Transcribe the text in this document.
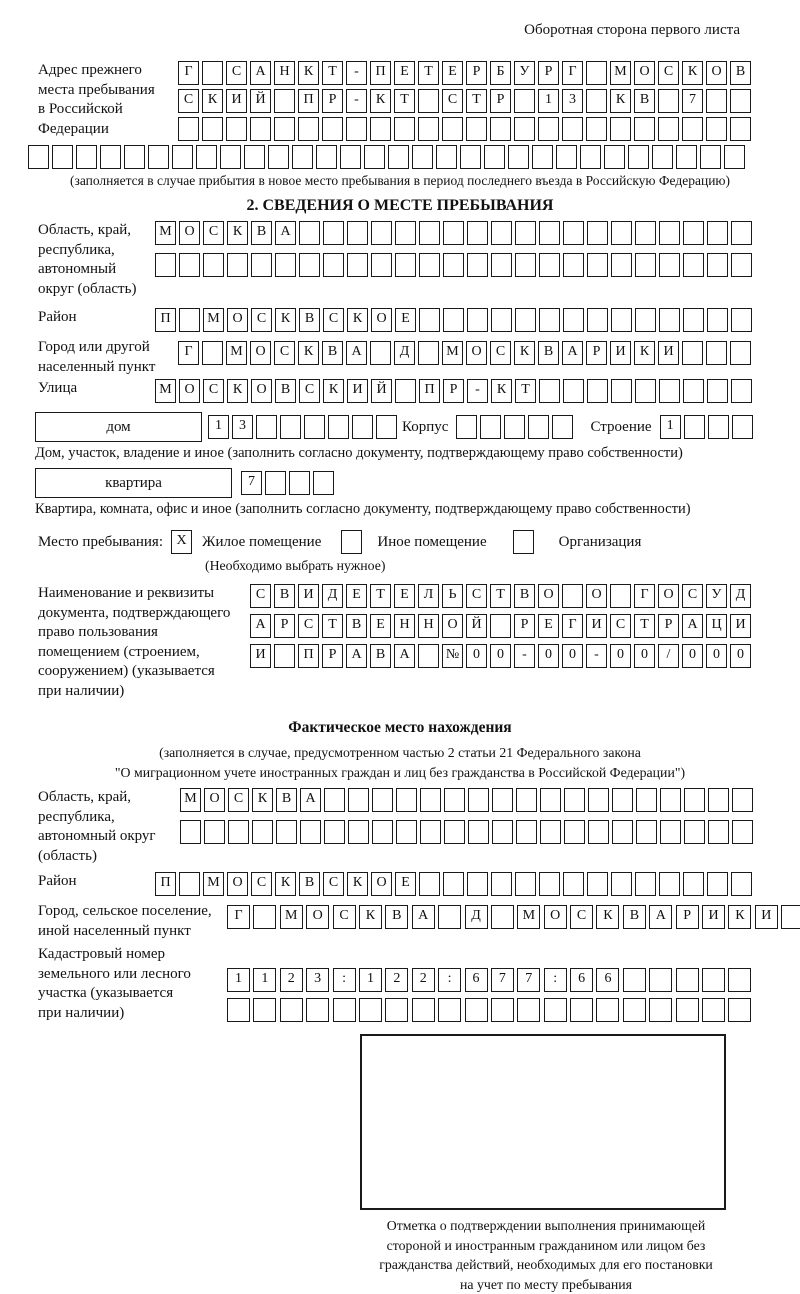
Оборотная сторона первого листа
Адрес прежнего
места пребывания
в Российской
Федерации
Г	С А Н К Т - П Е Т Е Р Б У Р Г	М О С К О В
С К И Й	П Р - К Т	С Т Р	1 3	К В	7
(заполняется в случае прибытия в новое место пребывания в период последнего въезда в Российскую Федерацию)
2. СВЕДЕНИЯ О МЕСТЕ ПРЕБЫВАНИЯ
Область, край,
республика,
автономный
округ (область)
М О С К В А
Район	П	М О С К В С К О Е
Город или другой
населенный пункт
Г	М О С К В А	Д	М О С К В А Р И К И
Улица	М О С К О В С К И Й	П Р - К Т
дом	1 3	Корпус	Строение	1
Дом, участок, владение и иное (заполнить согласно документу, подтверждающему право собственности)
квартира	7
Квартира, комната, офис и иное (заполнить согласно документу, подтверждающему право собственности)
Место пребывания: X	Жилое помещение	Иное помещение	Организация
(Необходимо выбрать нужное)
Наименование и реквизиты
документа, подтверждающего
право пользования
помещением (строением,
сооружением) (указывается
при наличии)
С В И Д Е Т Е Л Ь С Т В О	О	Г О С У Д
А Р С Т В Е Н Н О Й	Р Е Г И С Т Р А Ц И
И	П Р А В А	№ 0 0 - 0 0 - 0 0 / 0 0 0
Фактическое место нахождения
(заполняется в случае, предусмотренном частью 2 статьи 21 Федерального закона
"О миграционном учете иностранных граждан и лиц без гражданства в Российской Федерации")
Область, край,
республика,
автономный округ
(область)
М О С К В А
Район	П	М О С К В С К О Е
Город, сельское поселение,
иной населенный пункт
Г	М О С К В А	Д	М О С К В А Р И К И
Кадастровый номер
земельного или лесного
участка (указывается
при наличии)
1 1 2 3 : 1 2 2 : 6 7 7 : 6 6
Отметка о подтверждении выполнения принимающей
стороной и иностранным гражданином или лицом без
гражданства действий, необходимых для его постановки
на учет по месту пребывания
